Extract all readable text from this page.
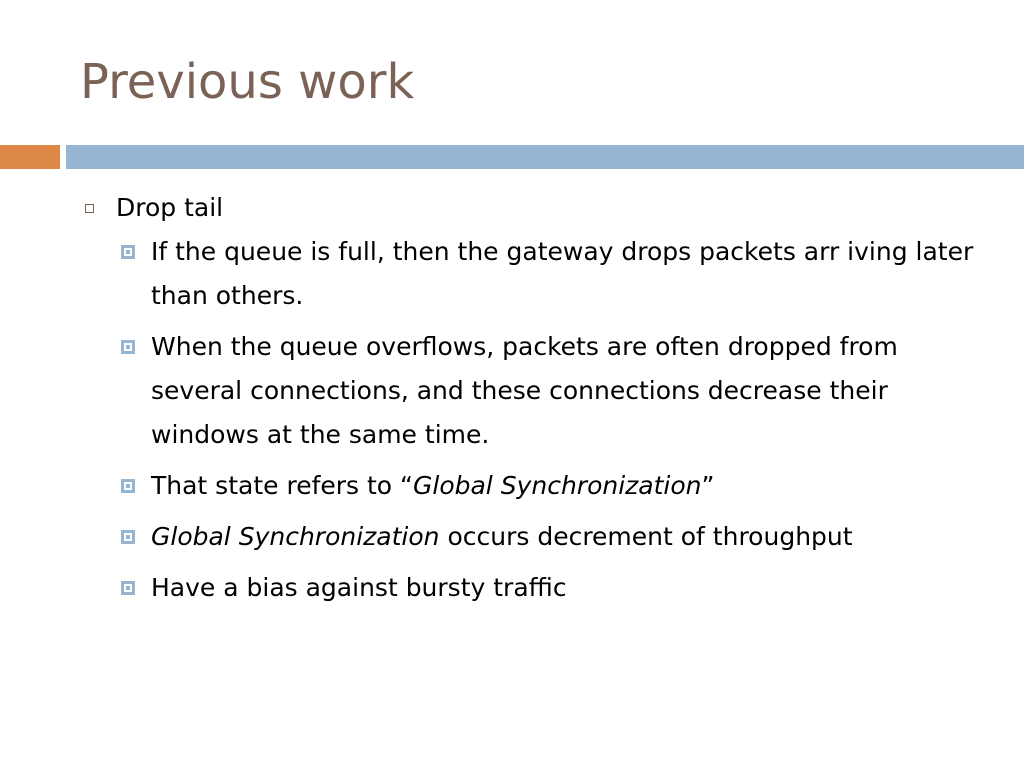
Previous work
Drop tail
If the queue is full, then the gateway drops packets arr iving later than others.
When the queue overflows, packets are often dropped from several connections, and these connections decrease their windows at the same time.
That state refers to “Global Synchronization”
Global Synchronization occurs decrement of throughput
Have a bias against bursty traffic
